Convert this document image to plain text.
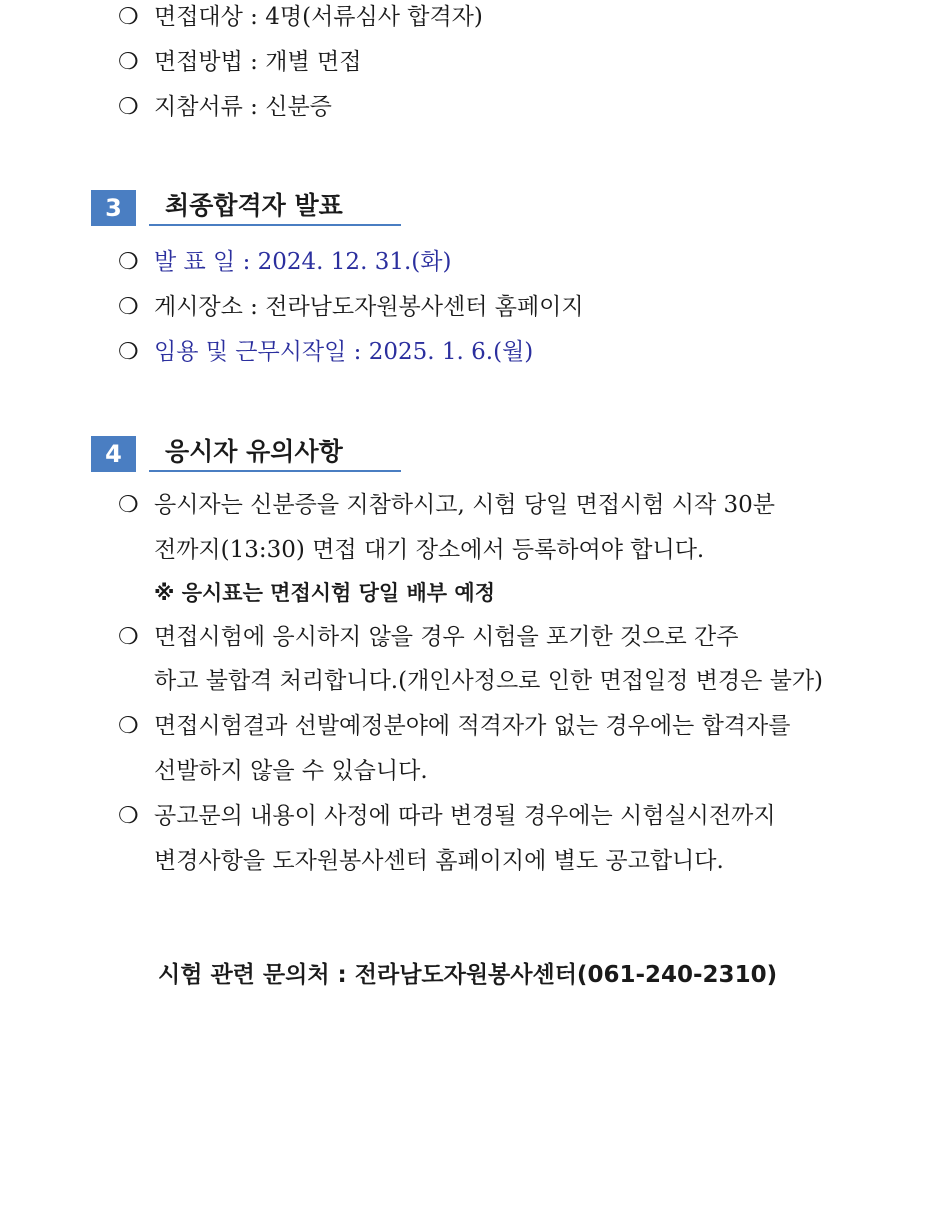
❍ 면접대상 : 4명(서류심사 합격자)
❍ 면접방법 : 개별 면접
❍ 지참서류 : 신분증
3	최종합격자 발표
❍ 발 표 일 : 2024. 12. 31.(화)
❍ 게시장소 : 전라남도자원봉사센터 홈페이지
❍ 임용 및 근무시작일 : 2025. 1. 6.(월)
4	응시자 유의사항
❍ 응시자는 신분증을 지참하시고, 시험 당일 면접시험 시작 30분
전까지(13:30) 면접 대기 장소에서 등록하여야 합니다.
※ 응시표는 면접시험 당일 배부 예정
❍ 면접시험에 응시하지 않을 경우 시험을 포기한 것으로 간주
하고 불합격 처리합니다.(개인사정으로 인한 면접일정 변경은 불가)
❍ 면접시험결과 선발예정분야에 적격자가 없는 경우에는 합격자를
선발하지 않을 수 있습니다.
❍ 공고문의 내용이 사정에 따라 변경될 경우에는 시험실시전까지
변경사항을 도자원봉사센터 홈페이지에 별도 공고합니다.
시험 관련 문의처 : 전라남도자원봉사센터(061-240-2310)
